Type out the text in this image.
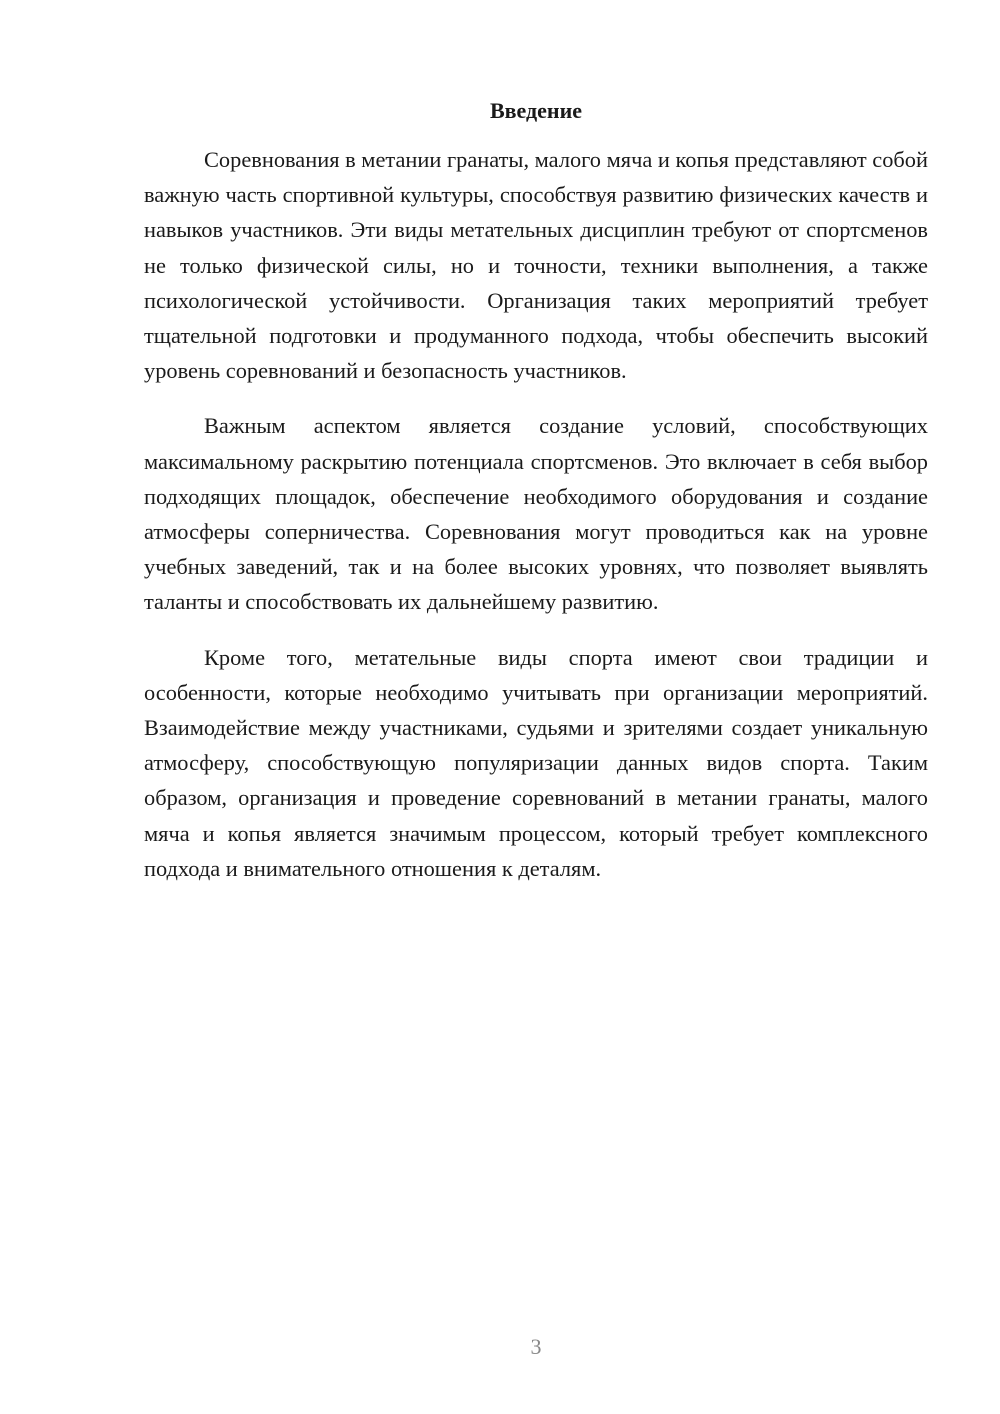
Введение

Соревнования в метании гранаты, малого мяча и копья представляют собой важную часть спортивной культуры, способствуя развитию физических качеств и навыков участников. Эти виды метательных дисциплин требуют от спортсменов не только физической силы, но и точности, техники выполнения, а также психологической устойчивости. Организация таких мероприятий требует тщательной подготовки и продуманного подхода, чтобы обеспечить высокий уровень соревнований и безопасность участников.

Важным аспектом является создание условий, способствующих максимальному раскрытию потенциала спортсменов. Это включает в себя выбор подходящих площадок, обеспечение необходимого оборудования и создание атмосферы соперничества. Соревнования могут проводиться как на уровне учебных заведений, так и на более высоких уровнях, что позволяет выявлять таланты и способствовать их дальнейшему развитию.

Кроме того, метательные виды спорта имеют свои традиции и особенности, которые необходимо учитывать при организации мероприятий. Взаимодействие между участниками, судьями и зрителями создает уникальную атмосферу, способствующую популяризации данных видов спорта. Таким образом, организация и проведение соревнований в метании гранаты, малого мяча и копья является значимым процессом, который требует комплексного подхода и внимательного отношения к деталям.

3
